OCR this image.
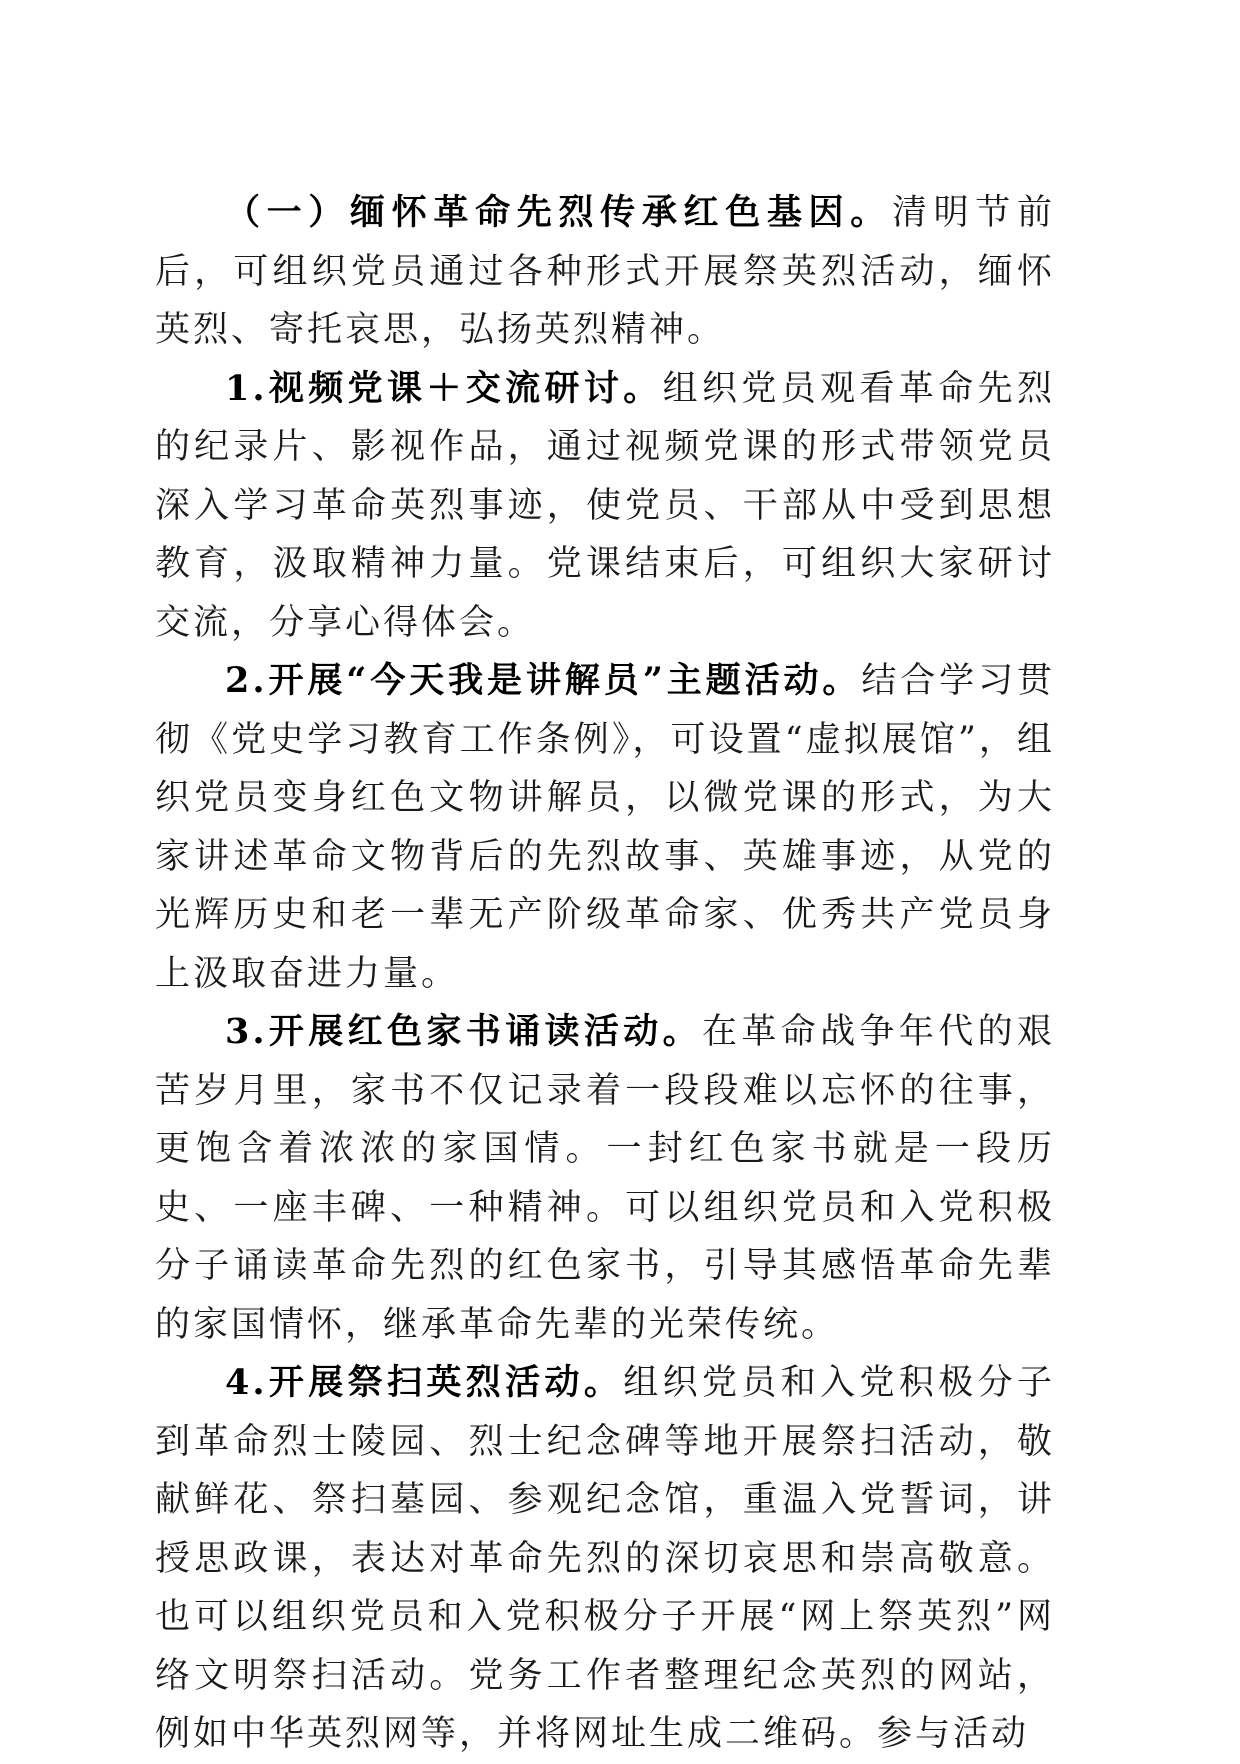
（一）缅怀革命先烈传承红色基因。清明节前后，可组织党员通过各种形式开展祭英烈活动，缅怀英烈、寄托哀思，弘扬英烈精神。

1.视频党课＋交流研讨。组织党员观看革命先烈的纪录片、影视作品，通过视频党课的形式带领党员深入学习革命英烈事迹，使党员、干部从中受到思想教育，汲取精神力量。党课结束后，可组织大家研讨交流，分享心得体会。

2.开展“今天我是讲解员”主题活动。结合学习贯彻《党史学习教育工作条例》，可设置“虚拟展馆”，组织党员变身红色文物讲解员，以微党课的形式，为大家讲述革命文物背后的先烈故事、英雄事迹，从党的光辉历史和老一辈无产阶级革命家、优秀共产党员身上汲取奋进力量。

3.开展红色家书诵读活动。在革命战争年代的艰苦岁月里，家书不仅记录着一段段难以忘怀的往事，更饱含着浓浓的家国情。一封红色家书就是一段历史、一座丰碑、一种精神。可以组织党员和入党积极分子诵读革命先烈的红色家书，引导其感悟革命先辈的家国情怀，继承革命先辈的光荣传统。

4.开展祭扫英烈活动。组织党员和入党积极分子到革命烈士陵园、烈士纪念碑等地开展祭扫活动，敬献鲜花、祭扫墓园、参观纪念馆，重温入党誓词，讲授思政课，表达对革命先烈的深切哀思和崇高敬意。也可以组织党员和入党积极分子开展“网上祭英烈”网络文明祭扫活动。党务工作者整理纪念英烈的网站，例如中华英烈网等，并将网址生成二维码。参与活动
